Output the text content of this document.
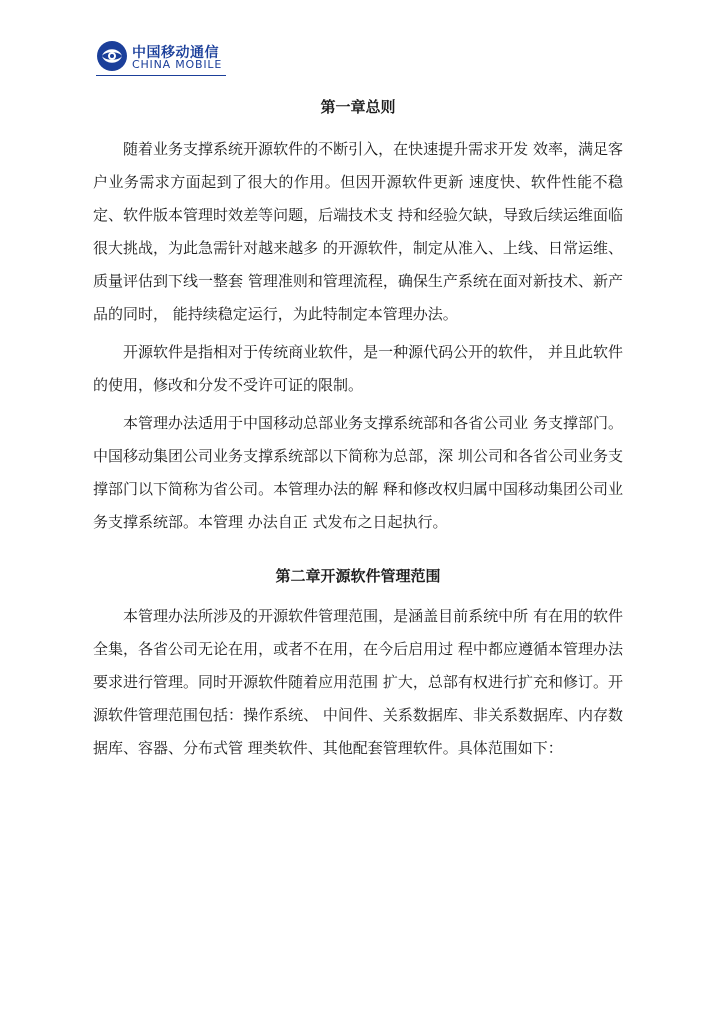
中国移动通信
CHINA MOBILE

第一章总则

随着业务支撑系统开源软件的不断引入，在快速提升需求开发 效率，满足客户业务需求方面起到了很大的作用。但因开源软件更新 速度快、软件性能不稳定、软件版本管理时效差等问题，后端技术支 持和经验欠缺，导致后续运维面临很大挑战，为此急需针对越来越多 的开源软件，制定从准入、上线、日常运维、质量评估到下线一整套 管理准则和管理流程，确保生产系统在面对新技术、新产品的同时， 能持续稳定运行，为此特制定本管理办法。

开源软件是指相对于传统商业软件，是一种源代码公开的软件， 并且此软件的使用，修改和分发不受许可证的限制。

本管理办法适用于中国移动总部业务支撑系统部和各省公司业 务支撑部门。中国移动集团公司业务支撑系统部以下简称为总部，深 圳公司和各省公司业务支撑部门以下简称为省公司。本管理办法的解 释和修改权归属中国移动集团公司业务支撑系统部。本管理 办法自正 式发布之日起执行。

第二章开源软件管理范围

本管理办法所涉及的开源软件管理范围，是涵盖目前系统中所 有在用的软件全集，各省公司无论在用，或者不在用，在今后启用过 程中都应遵循本管理办法要求进行管理。同时开源软件随着应用范围 扩大，总部有权进行扩充和修订。开源软件管理范围包括：操作系统、 中间件、关系数据库、非关系数据库、内存数据库、容器、分布式管 理类软件、其他配套管理软件。具体范围如下：
